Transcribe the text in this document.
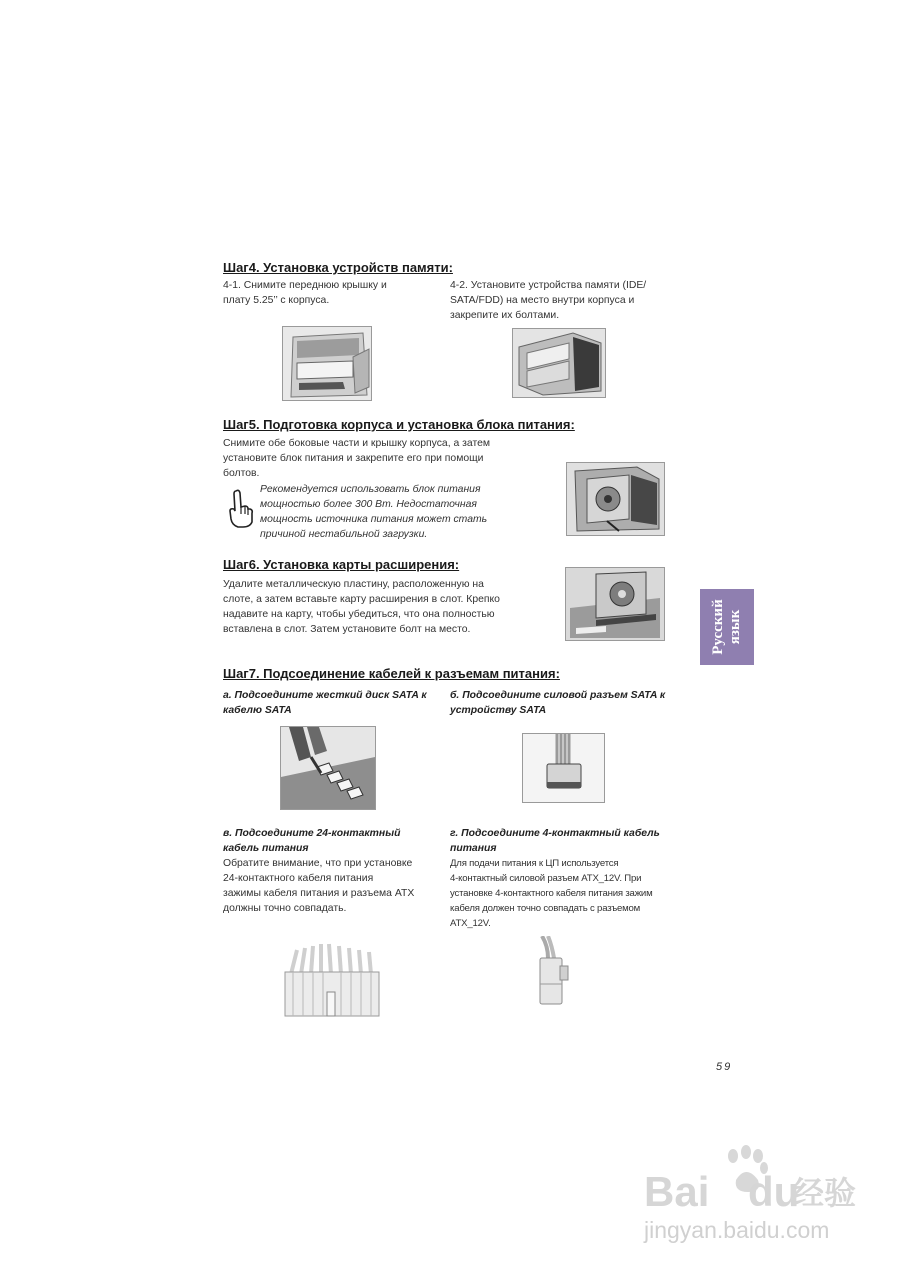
Шаг4. Установка устройств памяти:
4-1. Снимите переднюю крышку и
плату 5.25’’ с корпуса.
4-2. Установите устройства памяти (IDE/
SATA/FDD) на место внутри корпуса и
закрепите их болтами.
Шаг5. Подготовка корпуса и установка блока питания:
Снимите обе боковые части и крышку корпуса, а затем
установите блок питания и закрепите его при помощи
болтов.
Рекомендуется использовать блок питания
мощностью более 300 Вт. Недостаточная
мощность источника питания может стать
причиной нестабильной загрузки.
Шаг6. Установка карты расширения:
Удалите металлическую пластину, расположенную на
слоте, а затем вставьте карту расширения в слот. Крепко
надавите на карту, чтобы убедиться, что она полностью
вставлена в слот. Затем установите болт на место.	Русский язык
Шаг7. Подсоединение кабелей к разъемам питания:
а. Подсоедините жесткий диск SATA к
кабелю SATA
б. Подсоедините силовой разъем SATA к
устройству SATA
в. Подсоедините 24-контактный
кабель питания
Обратите внимание, что при установке
24-контактного кабеля питания
зажимы кабеля питания и разъема ATX
должны точно совпадать.
г. Подсоедините 4-контактный кабель
питания
Для подачи питания к ЦП используется
4-контактный силовой разъем ATX_12V. При
установке 4-контактного кабеля питания зажим
кабеля должен точно совпадать с разъемом
ATX_12V.
59
Bai du
经验
jingyan.baidu.com
